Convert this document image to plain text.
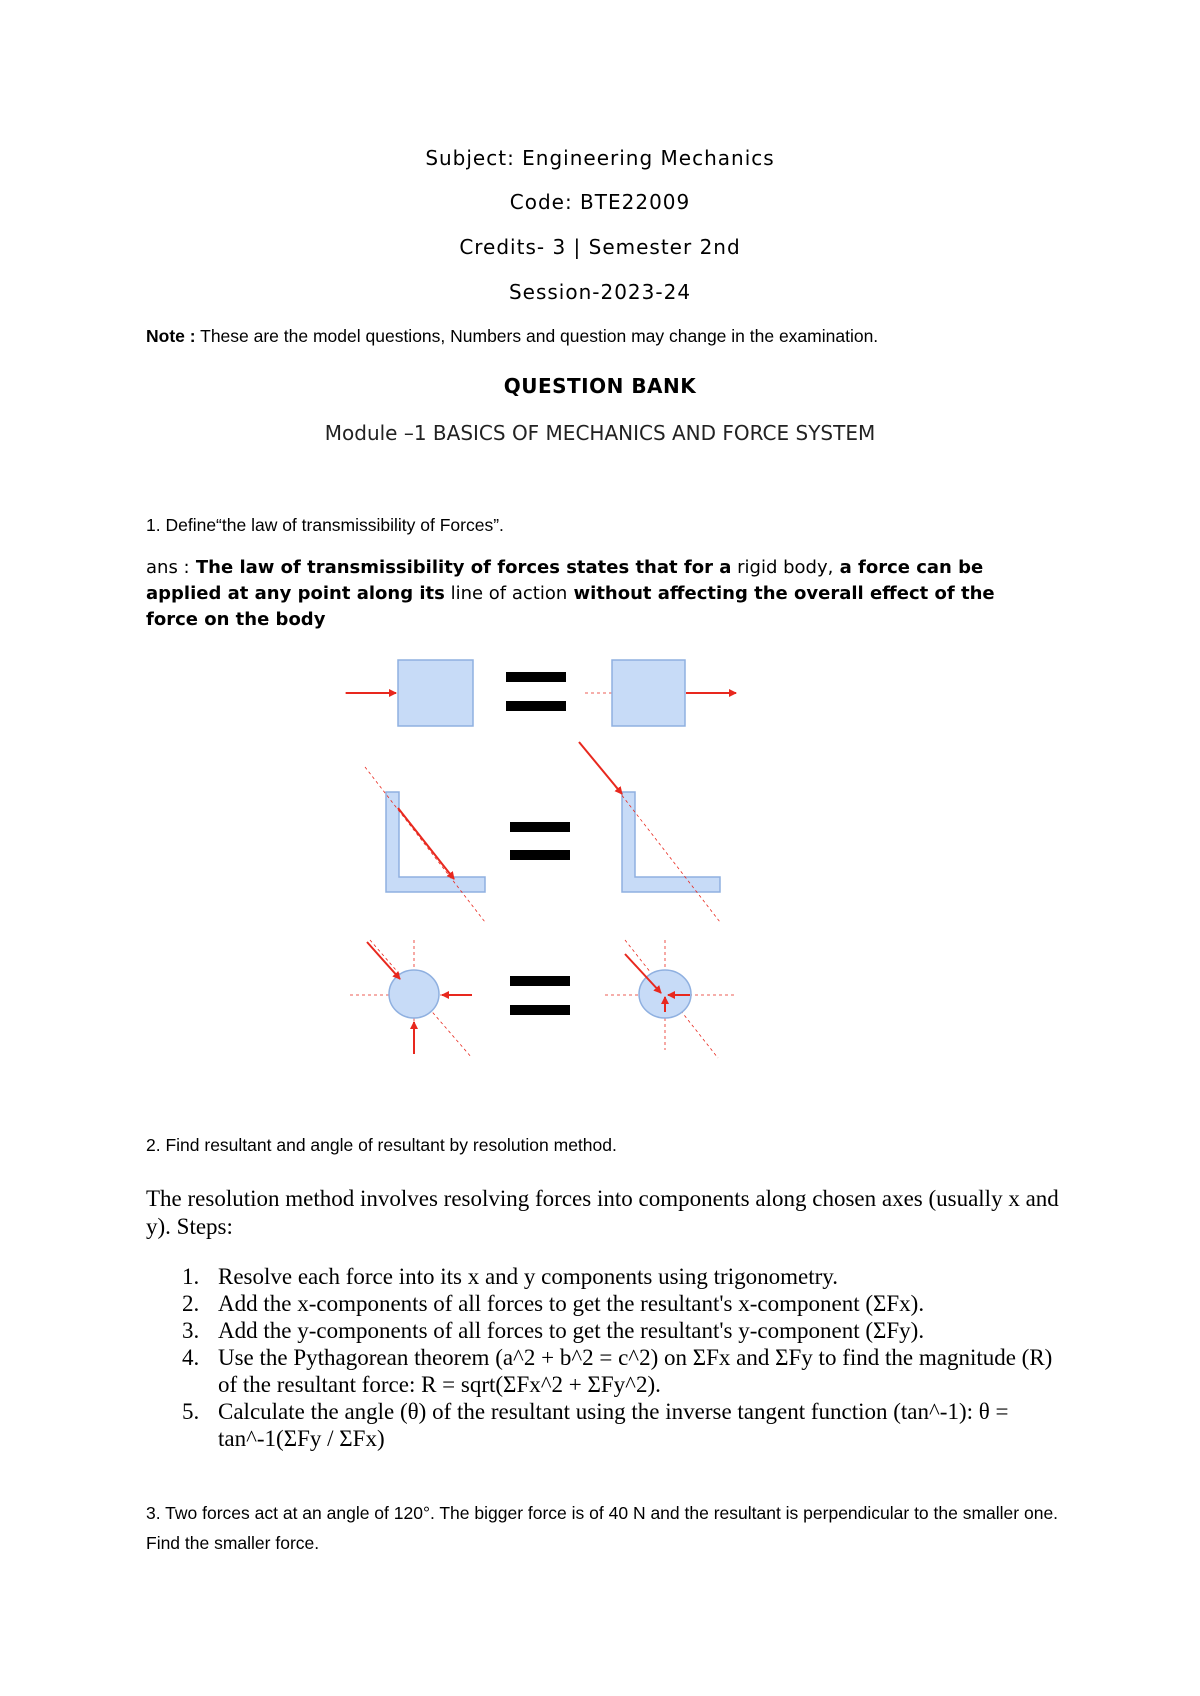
Subject: Engineering Mechanics
Code: BTE22009
Credits- 3 | Semester 2nd
Session-2023-24
Note : These are the model questions, Numbers and question may change in the examination.
QUESTION BANK
Module –1 BASICS OF MECHANICS AND FORCE SYSTEM
1. Define“the law of transmissibility of Forces”.
ans : The law of transmissibility of forces states that for a rigid body, a force can be applied at any point along its line of action without affecting the overall effect of the force on the body
2. Find resultant and angle of resultant by resolution method.
The resolution method involves resolving forces into components along chosen axes (usually x and y). Steps:
1. Resolve each force into its x and y components using trigonometry.
2. Add the x-components of all forces to get the resultant's x-component (ΣFx).
3. Add the y-components of all forces to get the resultant's y-component (ΣFy).
4. Use the Pythagorean theorem (a^2 + b^2 = c^2) on ΣFx and ΣFy to find the magnitude (R) of the resultant force: R = sqrt(ΣFx^2 + ΣFy^2).
5. Calculate the angle (θ) of the resultant using the inverse tangent function (tan^-1): θ = tan^-1(ΣFy / ΣFx)
3. Two forces act at an angle of 120°. The bigger force is of 40 N and the resultant is perpendicular to the smaller one. Find the smaller force.
